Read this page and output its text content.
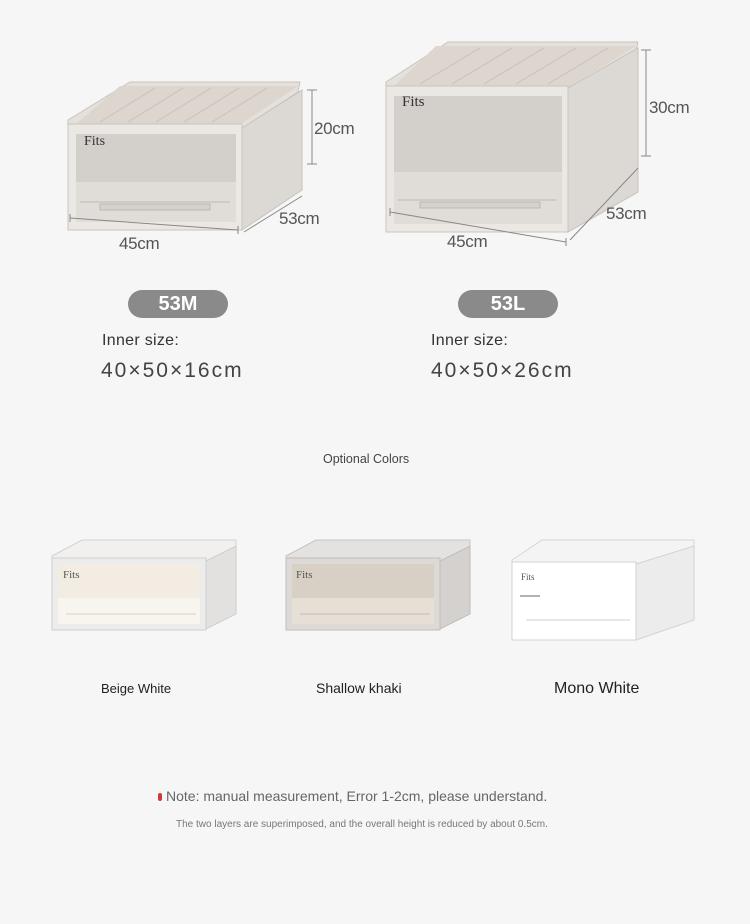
Fits
20cm
53cm
45cm
53M
Inner size:
40×50×16cm
Fits	30cm
53cm
45cm
53L
Inner size:
40×50×26cm
Optional Colors
Fits
Beige White
Fits
Shallow khaki
Fits
Mono White
Note: manual measurement, Error 1-2cm, please understand.
The two layers are superimposed, and the overall height is reduced by about 0.5cm.
